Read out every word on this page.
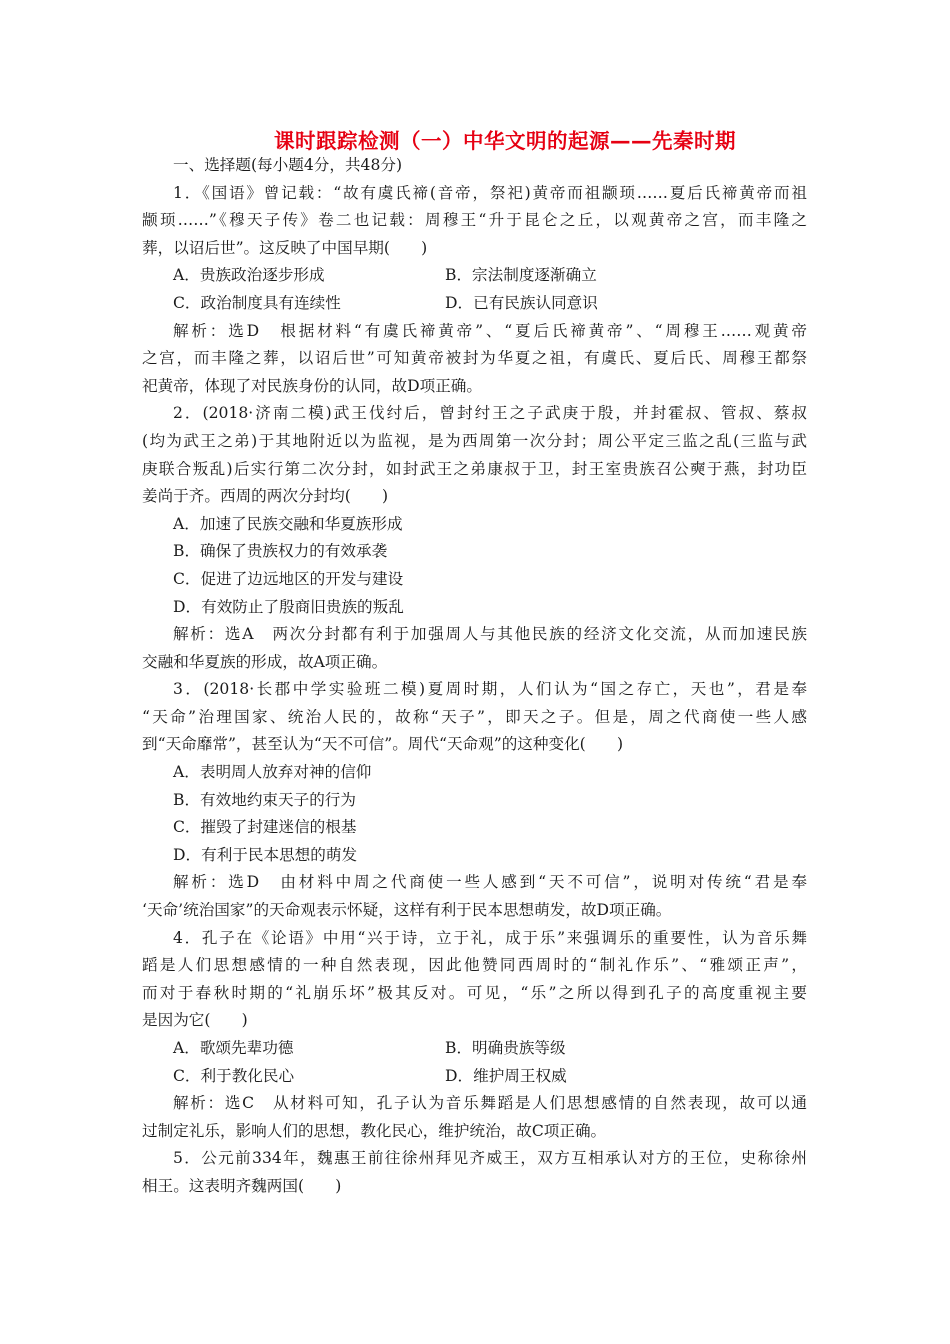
课时跟踪检测（一）中华文明的起源——先秦时期
一、选择题(每小题4分，共48分)
1．《国语》曾记载：“故有虞氏禘(音帝，祭祀)黄帝而祖颛顼……夏后氏禘黄帝而祖
颛顼……”《穆天子传》卷二也记载：周穆王“升于昆仑之丘，以观黄帝之宫，而丰隆之
葬，以诏后世”。这反映了中国早期(　　)
A．贵族政治逐步形成	B．宗法制度逐渐确立
C．政治制度具有连续性	D．已有民族认同意识
解析：选D　根据材料“有虞氏禘黄帝”、“夏后氏禘黄帝”、“周穆王……观黄帝
之宫，而丰隆之葬，以诏后世”可知黄帝被封为华夏之祖，有虞氏、夏后氏、周穆王都祭
祀黄帝，体现了对民族身份的认同，故D项正确。
2．(2018·济南二模)武王伐纣后，曾封纣王之子武庚于殷，并封霍叔、管叔、蔡叔
(均为武王之弟)于其地附近以为监视，是为西周第一次分封；周公平定三监之乱(三监与武
庚联合叛乱)后实行第二次分封，如封武王之弟康叔于卫，封王室贵族召公奭于燕，封功臣
姜尚于齐。西周的两次分封均(　　)
A．加速了民族交融和华夏族形成
B．确保了贵族权力的有效承袭
C．促进了边远地区的开发与建设
D．有效防止了殷商旧贵族的叛乱
解析：选A　两次分封都有利于加强周人与其他民族的经济文化交流，从而加速民族
交融和华夏族的形成，故A项正确。
3．(2018·长郡中学实验班二模)夏周时期，人们认为“国之存亡，天也”，君是奉
“天命”治理国家、统治人民的，故称“天子”，即天之子。但是，周之代商使一些人感
到“天命靡常”，甚至认为“天不可信”。周代“天命观”的这种变化(　　)
A．表明周人放弃对神的信仰
B．有效地约束天子的行为
C．摧毁了封建迷信的根基
D．有利于民本思想的萌发
解析：选D　由材料中周之代商使一些人感到“天不可信”，说明对传统“君是奉
‘天命’统治国家”的天命观表示怀疑，这样有利于民本思想萌发，故D项正确。
4．孔子在《论语》中用“兴于诗，立于礼，成于乐”来强调乐的重要性，认为音乐舞
蹈是人们思想感情的一种自然表现，因此他赞同西周时的“制礼作乐”、“雅颂正声”，
而对于春秋时期的“礼崩乐坏”极其反对。可见，“乐”之所以得到孔子的高度重视主要
是因为它(　　)
A．歌颂先辈功德	B．明确贵族等级
C．利于教化民心	D．维护周王权威
解析：选C　从材料可知，孔子认为音乐舞蹈是人们思想感情的自然表现，故可以通
过制定礼乐，影响人们的思想，教化民心，维护统治，故C项正确。
5．公元前334年，魏惠王前往徐州拜见齐威王，双方互相承认对方的王位，史称徐州
相王。这表明齐魏两国(　　)
